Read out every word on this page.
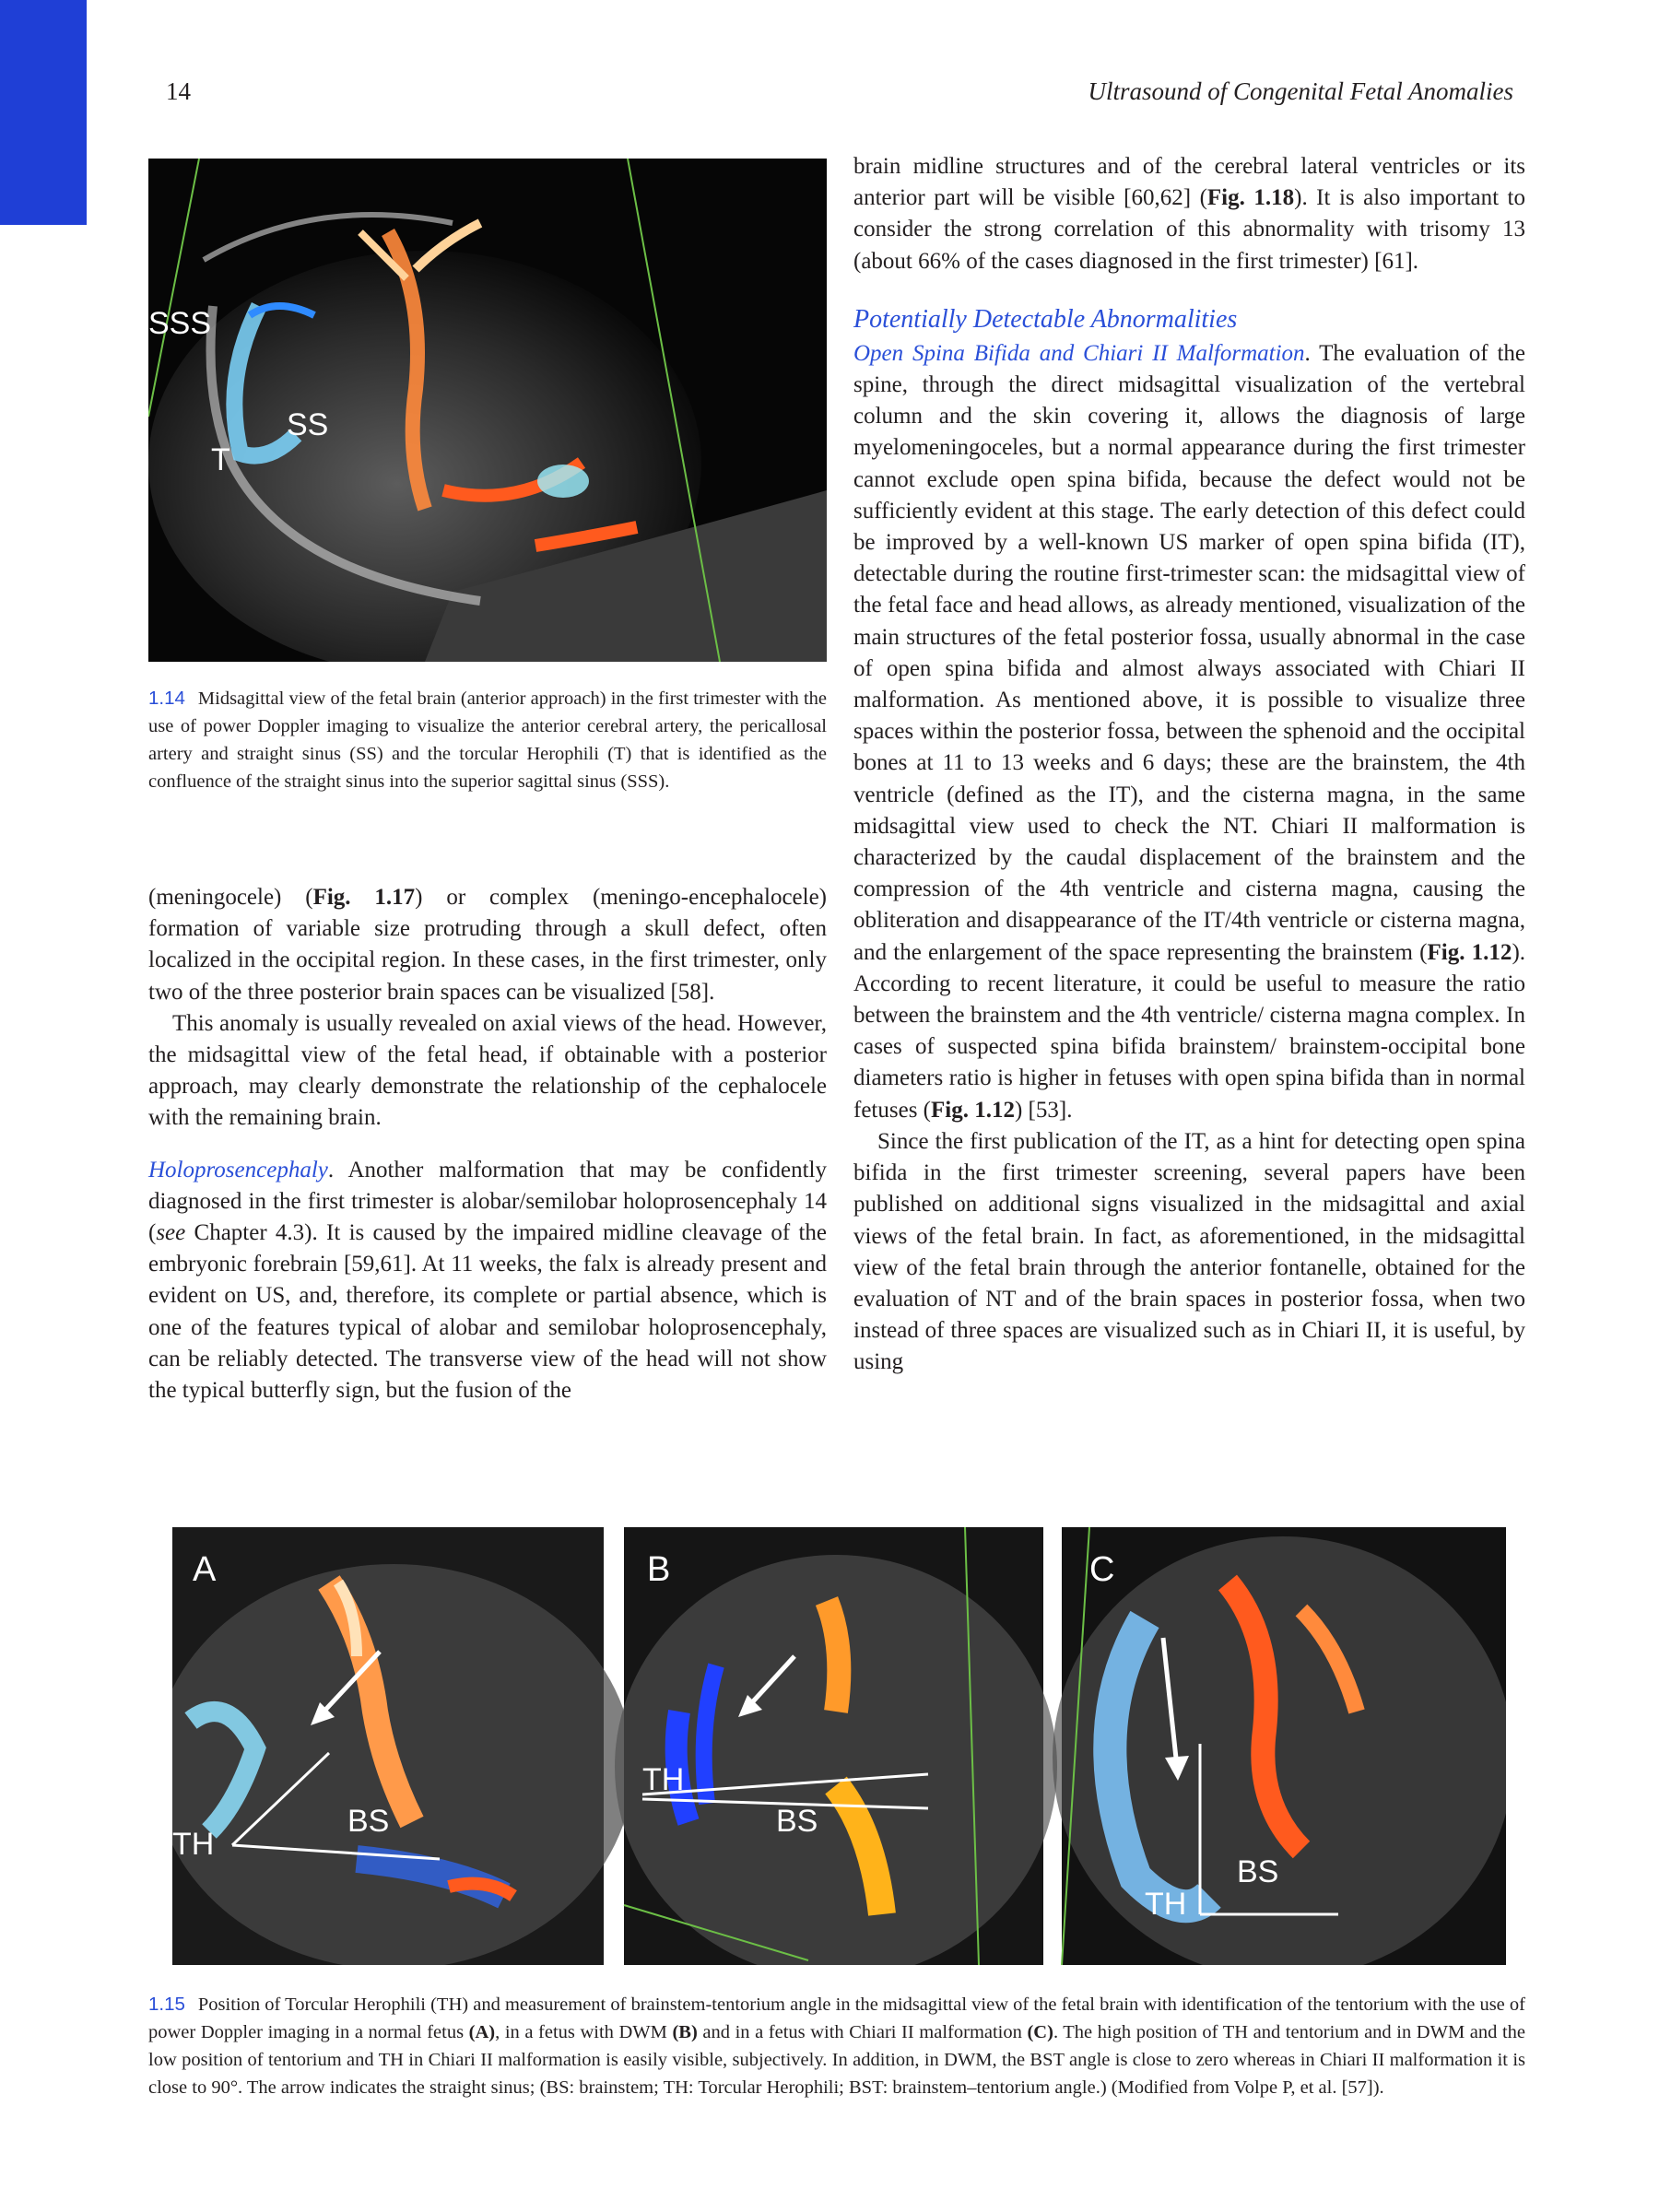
14	Ultrasound of Congenital Fetal Anomalies
SSS
SS
T
1.14 Midsagittal view of the fetal brain (anterior approach) in the first trimester with the use of power Doppler imaging to visualize the anterior cerebral artery, the pericallosal artery and straight sinus (SS) and the torcular Herophili (T) that is identified as the confluence of the straight sinus into the superior sagittal sinus (SSS).

(meningocele) (Fig. 1.17) or complex (meningo-encephalocele) formation of variable size protruding through a skull defect, often localized in the occipital region. In these cases, in the first trimester, only two of the three posterior brain spaces can be visualized [58].

This anomaly is usually revealed on axial views of the head. However, the midsagittal view of the fetal head, if obtainable with a posterior approach, may clearly demonstrate the relationship of the cephalocele with the remaining brain.

Holoprosencephaly. Another malformation that may be confidently diagnosed in the first trimester is alobar/semilobar holoprosencephaly 14 (see Chapter 4.3). It is caused by the impaired midline cleavage of the embryonic forebrain [59,61]. At 11 weeks, the falx is already present and evident on US, and, therefore, its complete or partial absence, which is one of the features typical of alobar and semilobar holoprosencephaly, can be reliably detected. The transverse view of the head will not show the typical butterfly sign, but the fusion of the

brain midline structures and of the cerebral lateral ventricles or its anterior part will be visible [60,62] (Fig. 1.18). It is also important to consider the strong correlation of this abnormality with trisomy 13 (about 66% of the cases diagnosed in the first trimester) [61].

Potentially Detectable Abnormalities

Open Spina Bifida and Chiari II Malformation. The evaluation of the spine, through the direct midsagittal visualization of the vertebral column and the skin covering it, allows the diagnosis of large myelomeningoceles, but a normal appearance during the first trimester cannot exclude open spina bifida, because the defect would not be sufficiently evident at this stage. The early detection of this defect could be improved by a well-known US marker of open spina bifida (IT), detectable during the routine first-trimester scan: the midsagittal view of the fetal face and head allows, as already mentioned, visualization of the main structures of the fetal posterior fossa, usually abnormal in the case of open spina bifida and almost always associated with Chiari II malformation. As mentioned above, it is possible to visualize three spaces within the posterior fossa, between the sphenoid and the occipital bones at 11 to 13 weeks and 6 days; these are the brainstem, the 4th ventricle (defined as the IT), and the cisterna magna, in the same midsagittal view used to check the NT. Chiari II malformation is characterized by the caudal displacement of the brainstem and the compression of the 4th ventricle and cisterna magna, causing the obliteration and disappearance of the IT/4th ventricle or cisterna magna, and the enlargement of the space representing the brainstem (Fig. 1.12). According to recent literature, it could be useful to measure the ratio between the brainstem and the 4th ventricle/ cisterna magna complex. In cases of suspected spina bifida brainstem/ brainstem-occipital bone diameters ratio is higher in fetuses with open spina bifida than in normal fetuses (Fig. 1.12) [53].

Since the first publication of the IT, as a hint for detecting open spina bifida in the first trimester screening, several papers have been published on additional signs visualized in the midsagittal and axial views of the fetal brain. In fact, as aforementioned, in the midsagittal view of the fetal brain through the anterior fontanelle, obtained for the evaluation of NT and of the brain spaces in posterior fossa, when two instead of three spaces are visualized such as in Chiari II, it is useful, by using

A
TH
BS
B
TH
BS
C
TH
BS
1.15 Position of Torcular Herophili (TH) and measurement of brainstem-tentorium angle in the midsagittal view of the fetal brain with identification of the tentorium with the use of power Doppler imaging in a normal fetus (A), in a fetus with DWM (B) and in a fetus with Chiari II malformation (C). The high position of TH and tentorium and in DWM and the low position of tentorium and TH in Chiari II malformation is easily visible, subjectively. In addition, in DWM, the BST angle is close to zero whereas in Chiari II malformation it is close to 90°. The arrow indicates the straight sinus; (BS: brainstem; TH: Torcular Herophili; BST: brainstem–tentorium angle.) (Modified from Volpe P, et al. [57]).
